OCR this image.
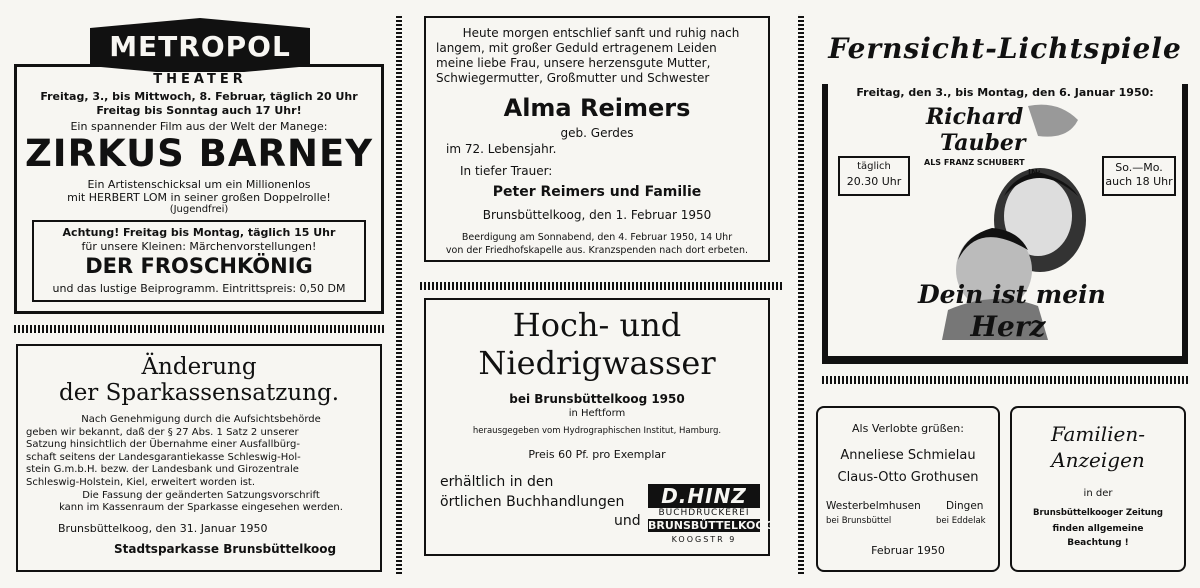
METROPOL
THEATER
Freitag, 3., bis Mittwoch, 8. Februar, täglich 20 Uhr
Freitag bis Sonntag auch 17 Uhr!
Ein spannender Film aus der Welt der Manege:
ZIRKUS BARNEY
Ein Artistenschicksal um ein Millionenlos
mit HERBERT LOM in seiner großen Doppelrolle!
(Jugendfrei)
Achtung! Freitag bis Montag, täglich 15 Uhr
für unsere Kleinen: Märchenvorstellungen!
DER FROSCHKÖNIG
und das lustige Beiprogramm. Eintrittspreis: 0,50 DM
Änderung
der Sparkassensatzung.
Nach Genehmigung durch die Aufsichtsbehörde
geben wir bekannt, daß der § 27 Abs. 1 Satz 2 unserer
Satzung hinsichtlich der Übernahme einer Ausfallbürg-
schaft seitens der Landesgarantiekasse Schleswig-Hol-
stein G.m.b.H. bezw. der Landesbank und Girozentrale
Schleswig-Holstein, Kiel, erweitert worden ist.
Die Fassung der geänderten Satzungsvorschrift
kann im Kassenraum der Sparkasse eingesehen werden.
Brunsbüttelkoog, den 31. Januar 1950
Stadtsparkasse Brunsbüttelkoog
Heute morgen entschlief sanft und ruhig nach
langem, mit großer Geduld ertragenem Leiden
meine liebe Frau, unsere herzensgute Mutter,
Schwiegermutter, Großmutter und Schwester
Alma Reimers
geb. Gerdes
im 72. Lebensjahr.
In tiefer Trauer:
Peter Reimers und Familie
Brunsbüttelkoog, den 1. Februar 1950
Beerdigung am Sonnabend, den 4. Februar 1950, 14 Uhr
von der Friedhofskapelle aus. Kranzspenden nach dort erbeten.
Hoch- und
Niedrigwasser
bei Brunsbüttelkoog 1950
in Heftform
herausgegeben vom Hydrographischen Institut, Hamburg.
Preis 60 Pf. pro Exemplar
erhältlich in den
örtlichen Buchhandlungen
und
D.HINZ
BUCHDRUCKEREI
BRUNSBÜTTELKOOG
KOOGSTR 9
Fernsicht-Lichtspiele
Freitag, den 3., bis Montag, den 6. Januar 1950:
täglich
20.30 Uhr
So.—Mo.
auch 18 Uhr
Richard
Tauber
ALS FRANZ SCHUBERT
IN:
Dein ist mein
Herz
Als Verlobte grüßen:
Anneliese Schmielau
Claus-Otto Grothusen
Westerbelmhusen
bei Brunsbüttel
Dingen
bei Eddelak
Februar 1950
Familien-
Anzeigen
in der
Brunsbüttelkooger Zeitung
finden allgemeine
Beachtung !
